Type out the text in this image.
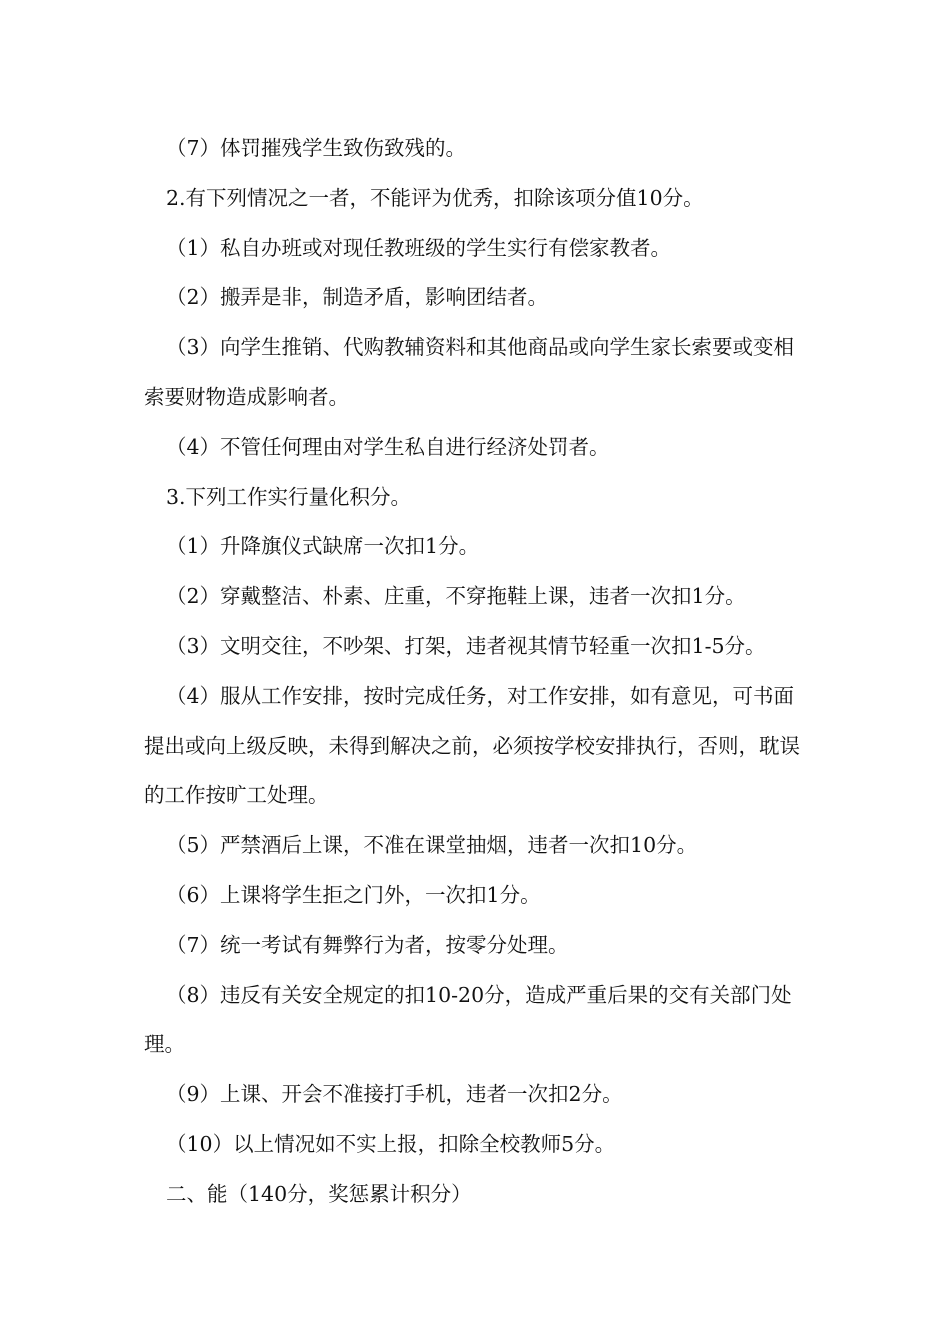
（7）体罚摧残学生致伤致残的。

2.有下列情况之一者，不能评为优秀，扣除该项分值10分。

（1）私自办班或对现任教班级的学生实行有偿家教者。

（2）搬弄是非，制造矛盾，影响团结者。

（3）向学生推销、代购教辅资料和其他商品或向学生家长索要或变相索要财物造成影响者。

（4）不管任何理由对学生私自进行经济处罚者。

3.下列工作实行量化积分。

（1）升降旗仪式缺席一次扣1分。

（2）穿戴整洁、朴素、庄重，不穿拖鞋上课，违者一次扣1分。

（3）文明交往，不吵架、打架，违者视其情节轻重一次扣1-5分。

（4）服从工作安排，按时完成任务，对工作安排，如有意见，可书面提出或向上级反映，未得到解决之前，必须按学校安排执行，否则，耽误的工作按旷工处理。

（5）严禁酒后上课，不准在课堂抽烟，违者一次扣10分。

（6）上课将学生拒之门外，一次扣1分。

（7）统一考试有舞弊行为者，按零分处理。

（8）违反有关安全规定的扣10-20分，造成严重后果的交有关部门处理。

（9）上课、开会不准接打手机，违者一次扣2分。

（10）以上情况如不实上报，扣除全校教师5分。

二、能（140分，奖惩累计积分）
